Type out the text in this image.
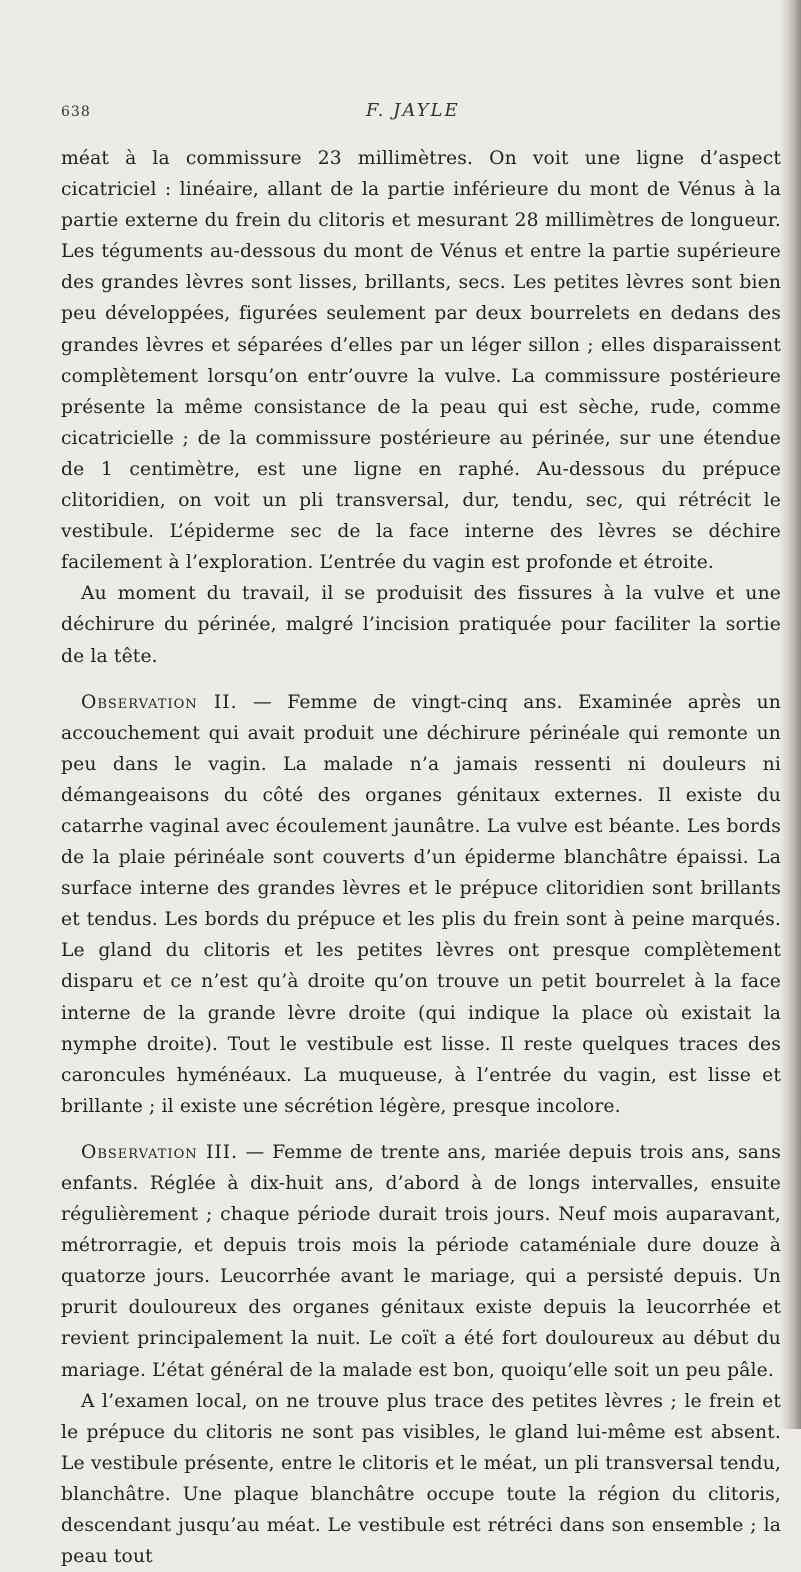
638	F. JAYLE

méat à la commissure 23 millimètres. On voit une ligne d’aspect cicatriciel : linéaire, allant de la partie inférieure du mont de Vénus à la partie externe du frein du clitoris et mesurant 28 millimètres de longueur. Les téguments au-dessous du mont de Vénus et entre la partie supérieure des grandes lèvres sont lisses, brillants, secs. Les petites lèvres sont bien peu développées, figurées seulement par deux bourrelets en dedans des grandes lèvres et séparées d’elles par un léger sillon ; elles disparaissent complètement lorsqu’on entr’ouvre la vulve. La commissure postérieure présente la même consistance de la peau qui est sèche, rude, comme cicatricielle ; de la commissure postérieure au périnée, sur une étendue de 1 centimètre, est une ligne en raphé. Au-dessous du prépuce clitoridien, on voit un pli transversal, dur, tendu, sec, qui rétrécit le vestibule. L’épiderme sec de la face interne des lèvres se déchire facilement à l’exploration. L’entrée du vagin est profonde et étroite.

Au moment du travail, il se produisit des fissures à la vulve et une déchirure du périnée, malgré l’incision pratiquée pour faciliter la sortie de la tête.

Observation II. — Femme de vingt-cinq ans. Examinée après un accouchement qui avait produit une déchirure périnéale qui remonte un peu dans le vagin. La malade n’a jamais ressenti ni douleurs ni démangeaisons du côté des organes génitaux externes. Il existe du catarrhe vaginal avec écoulement jaunâtre. La vulve est béante. Les bords de la plaie périnéale sont couverts d’un épiderme blanchâtre épaissi. La surface interne des grandes lèvres et le prépuce clitoridien sont brillants et tendus. Les bords du prépuce et les plis du frein sont à peine marqués. Le gland du clitoris et les petites lèvres ont presque complètement disparu et ce n’est qu’à droite qu’on trouve un petit bourrelet à la face interne de la grande lèvre droite (qui indique la place où existait la nymphe droite). Tout le vestibule est lisse. Il reste quelques traces des caroncules hyménéaux. La muqueuse, à l’entrée du vagin, est lisse et brillante ; il existe une sécrétion légère, presque incolore.

Observation III. — Femme de trente ans, mariée depuis trois ans, sans enfants. Réglée à dix-huit ans, d’abord à de longs intervalles, ensuite régulièrement ; chaque période durait trois jours. Neuf mois auparavant, métrorragie, et depuis trois mois la période cataméniale dure douze à quatorze jours. Leucorrhée avant le mariage, qui a persisté depuis. Un prurit douloureux des organes génitaux existe depuis la leucorrhée et revient principalement la nuit. Le coït a été fort douloureux au début du mariage. L’état général de la malade est bon, quoiqu’elle soit un peu pâle.

A l’examen local, on ne trouve plus trace des petites lèvres ; le frein et le prépuce du clitoris ne sont pas visibles, le gland lui-même est absent. Le vestibule présente, entre le clitoris et le méat, un pli transversal tendu, blanchâtre. Une plaque blanchâtre occupe toute la région du clitoris, descendant jusqu’au méat. Le vestibule est rétréci dans son ensemble ; la peau tout
